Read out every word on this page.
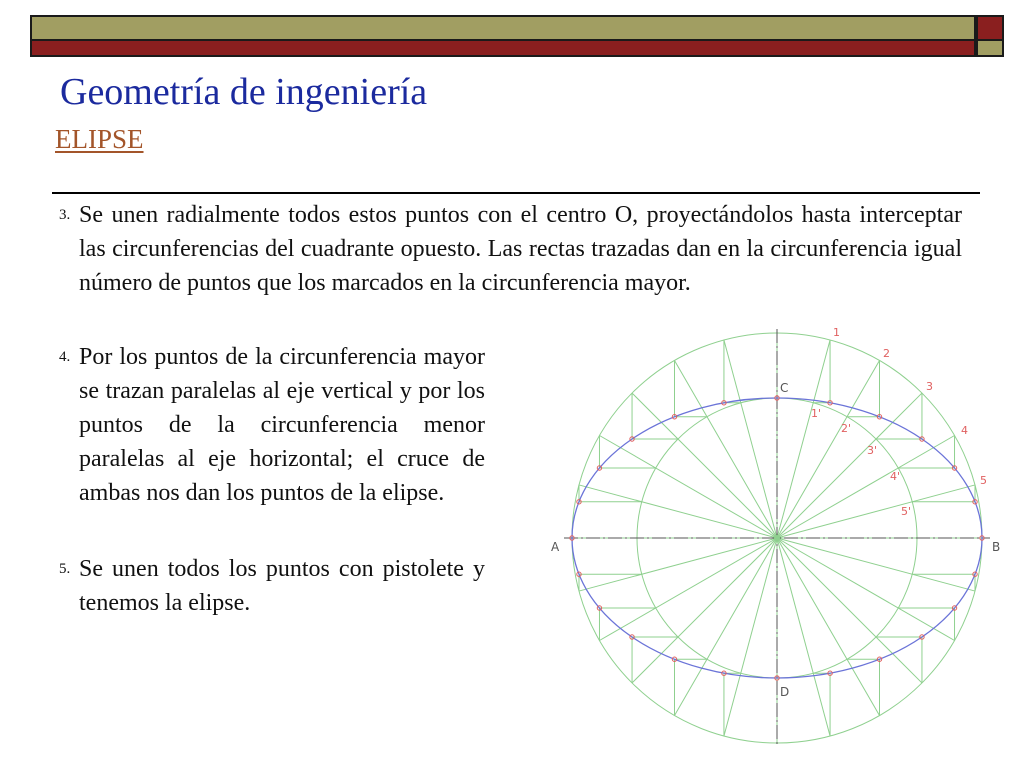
Geometría de ingeniería
ELIPSE
3. Se unen radialmente todos estos puntos con el centro O, proyectándolos hasta interceptar las circunferencias del cuadrante opuesto. Las rectas trazadas dan en la circunferencia igual número de puntos que los marcados en la circunferencia mayor.

4. Por los puntos de la circunferencia mayor se trazan paralelas al eje vertical y por los puntos de la circunferencia menor paralelas al eje horizontal; el cruce de ambas nos dan los puntos de la elipse.

5. Se unen todos los puntos con pistolete y tenemos la elipse.

A	B
C
D
1
2
3
4
5
1'
2'
3'
4'
5'
